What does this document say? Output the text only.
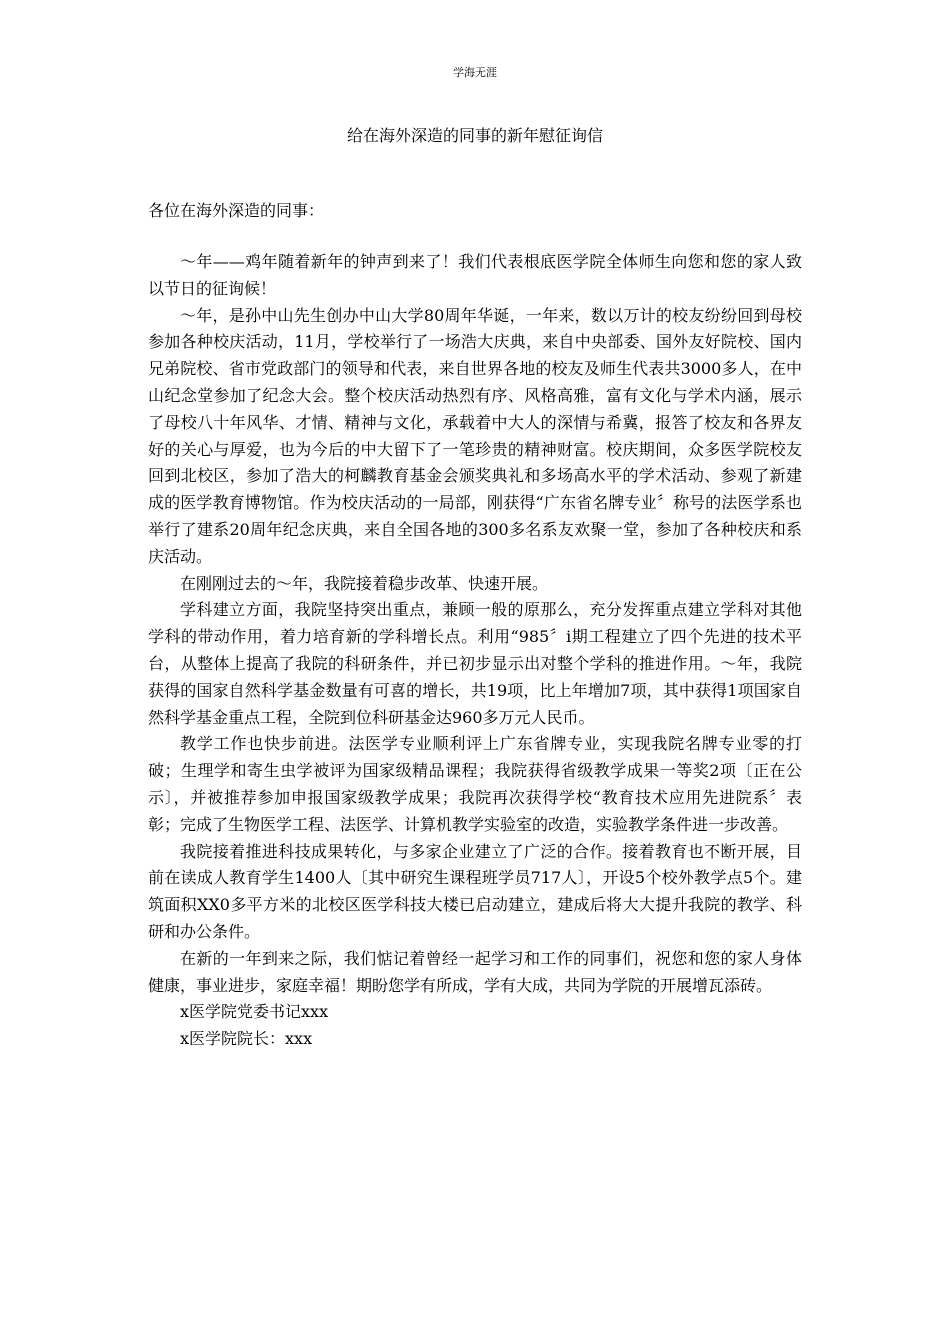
学海无涯
给在海外深造的同事的新年慰征询信
各位在海外深造的同事：

～年——鸡年随着新年的钟声到来了！我们代表根底医学院全体师生向您和您的家人致以节日的征询候！

～年，是孙中山先生创办中山大学80周年华诞，一年来，数以万计的校友纷纷回到母校参加各种校庆活动，11月，学校举行了一场浩大庆典，来自中央部委、国外友好院校、国内兄弟院校、省市党政部门的领导和代表，来自世界各地的校友及师生代表共3000多人，在中山纪念堂参加了纪念大会。整个校庆活动热烈有序、风格高雅，富有文化与学术内涵，展示了母校八十年风华、才情、精神与文化，承载着中大人的深情与希冀，报答了校友和各界友好的关心与厚爱，也为今后的中大留下了一笔珍贵的精神财富。校庆期间，众多医学院校友回到北校区，参加了浩大的柯麟教育基金会颁奖典礼和多场高水平的学术活动、参观了新建成的医学教育博物馆。作为校庆活动的一局部，刚获得“广东省名牌专业〞称号的法医学系也举行了建系20周年纪念庆典，来自全国各地的300多名系友欢聚一堂，参加了各种校庆和系庆活动。

在刚刚过去的～年，我院接着稳步改革、快速开展。

学科建立方面，我院坚持突出重点，兼顾一般的原那么，充分发挥重点建立学科对其他学科的带动作用，着力培育新的学科增长点。利用“985〞i期工程建立了四个先进的技术平台，从整体上提高了我院的科研条件，并已初步显示出对整个学科的推进作用。～年，我院获得的国家自然科学基金数量有可喜的增长，共19项，比上年增加7项，其中获得1项国家自然科学基金重点工程，全院到位科研基金达960多万元人民币。

教学工作也快步前进。法医学专业顺利评上广东省牌专业，实现我院名牌专业零的打破；生理学和寄生虫学被评为国家级精品课程；我院获得省级教学成果一等奖2项〔正在公示〕，并被推荐参加申报国家级教学成果；我院再次获得学校“教育技术应用先进院系〞表彰；完成了生物医学工程、法医学、计算机教学实验室的改造，实验教学条件进一步改善。

我院接着推进科技成果转化，与多家企业建立了广泛的合作。接着教育也不断开展，目前在读成人教育学生1400人〔其中研究生课程班学员717人〕，开设5个校外教学点5个。建筑面积XX0多平方米的北校区医学科技大楼已启动建立，建成后将大大提升我院的教学、科研和办公条件。

在新的一年到来之际，我们惦记着曾经一起学习和工作的同事们，祝您和您的家人身体健康，事业进步，家庭幸福！期盼您学有所成，学有大成，共同为学院的开展增瓦添砖。

x医学院党委书记xxx

x医学院院长：xxx
